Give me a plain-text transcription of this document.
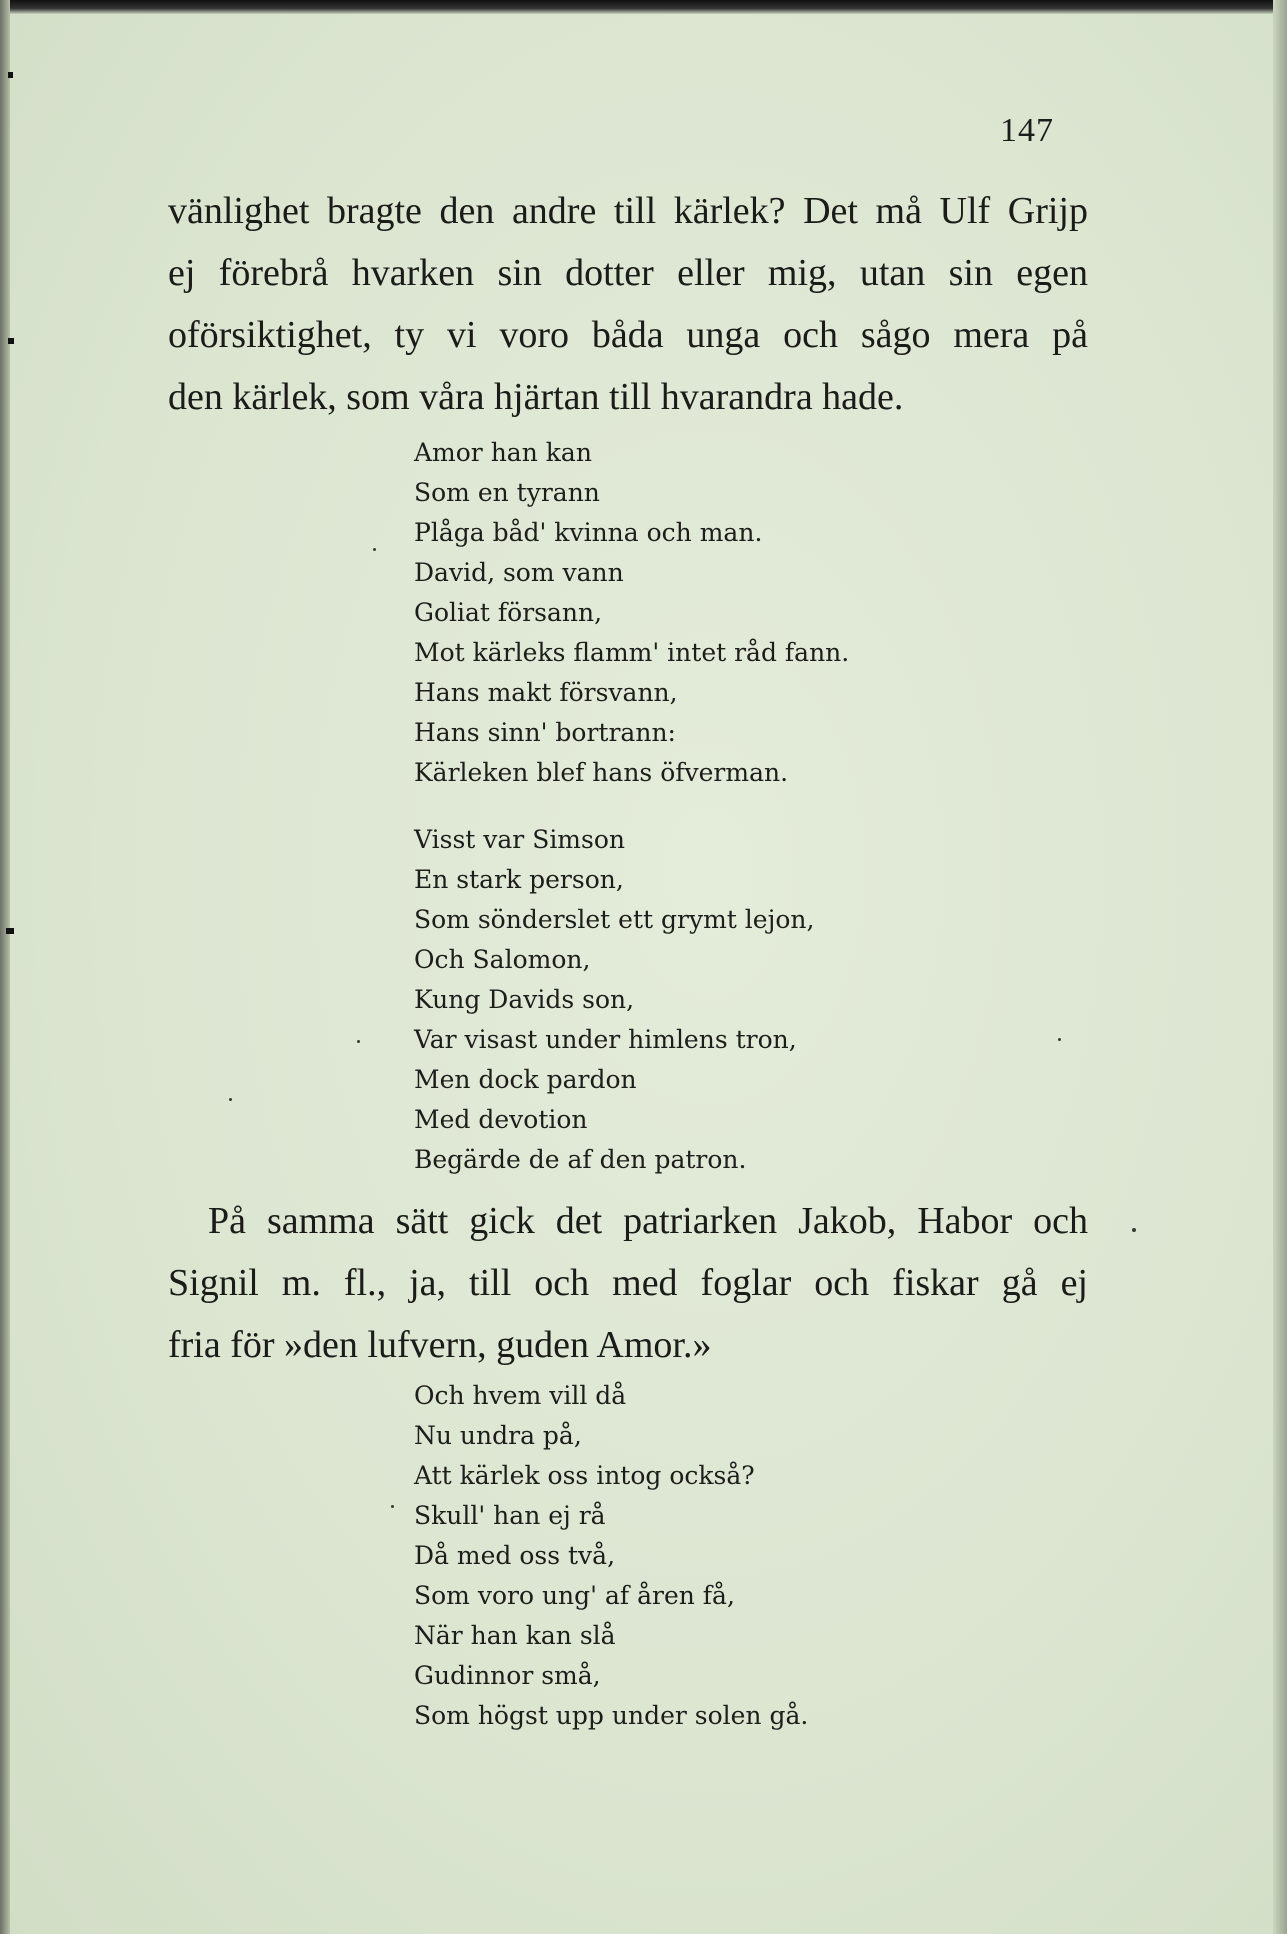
147

vänlighet bragte den andre till kärlek? Det må Ulf Grijp

ej förebrå hvarken sin dotter eller mig, utan sin egen

oförsiktighet, ty vi voro båda unga och sågo mera på

den kärlek, som våra hjärtan till hvarandra hade.

Amor han kan
Som en tyrann
Plåga båd' kvinna och man.
David, som vann
Goliat försann,
Mot kärleks flamm' intet råd fann.
Hans makt försvann,
Hans sinn' bortrann:
Kärleken blef hans öfverman.
Visst var Simson
En stark person,
Som sönderslet ett grymt lejon,
Och Salomon,
Kung Davids son,
Var visast under himlens tron,
Men dock pardon
Med devotion
Begärde de af den patron.

På samma sätt gick det patriarken Jakob, Habor och

Signil m. fl., ja, till och med foglar och fiskar gå ej

fria för »den lufvern, guden Amor.»

Och hvem vill då
Nu undra på,
Att kärlek oss intog också?
Skull' han ej rå
Då med oss två,
Som voro ung' af åren få,
När han kan slå
Gudinnor små,
Som högst upp under solen gå.
